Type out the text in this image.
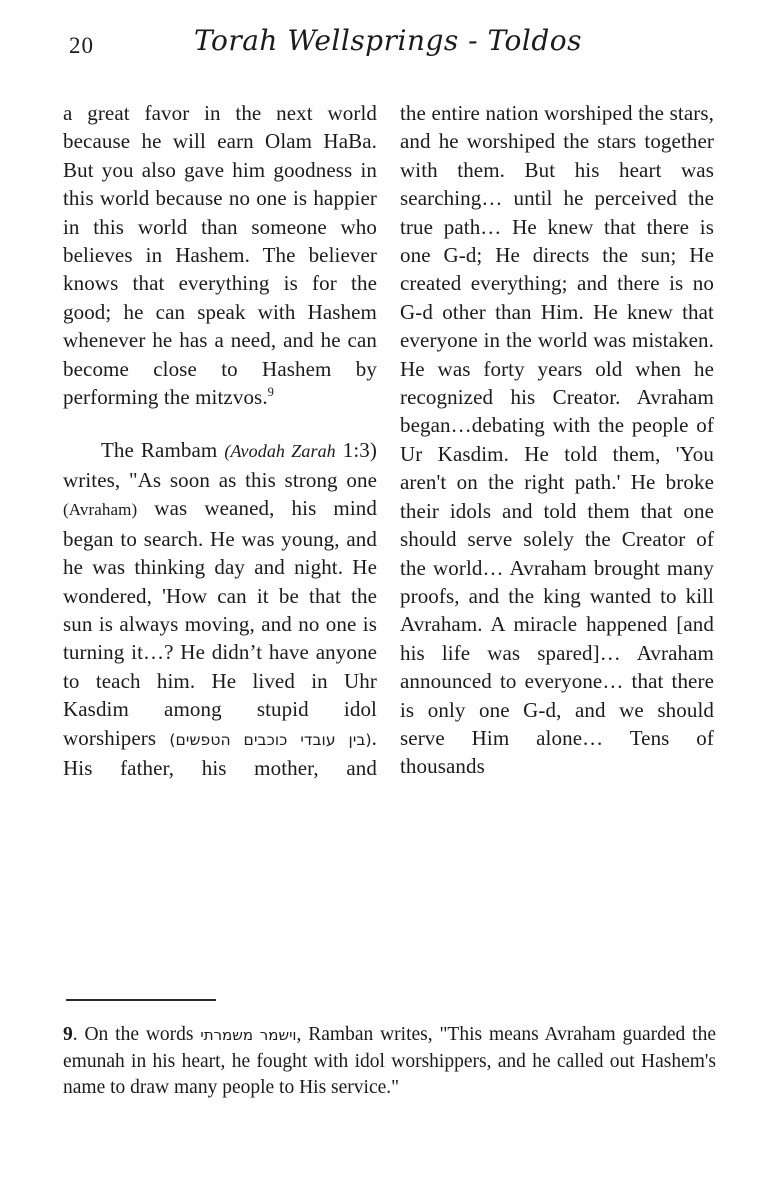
20	Torah Wellsprings - Toldos

a great favor in the next world because he will earn Olam HaBa. But you also gave him goodness in this world because no one is happier in this world than someone who believes in Hashem. The believer knows that everything is for the good; he can speak with Hashem whenever he has a need, and he can become close to Hashem by performing the mitzvos.$^9$

The Rambam (Avodah Zarah 1:3) writes, "As soon as this strong one (Avraham) was weaned, his mind began to search. He was young, and he was thinking day and night. He wondered, 'How can it be that the sun is always moving, and no one is turning it…? He didn’t have anyone to teach him. He lived in Uhr Kasdim among stupid idol worshipers (בין עובדי כוכבים הטפשים). His father, his mother, and

the entire nation worshiped the stars, and he worshiped the stars together with them. But his heart was searching… until he perceived the true path… He knew that there is one G-d; He directs the sun; He created everything; and there is no G-d other than Him. He knew that everyone in the world was mistaken. He was forty years old when he recognized his Creator. Avraham began…debating with the people of Ur Kasdim. He told them, 'You aren't on the right path.' He broke their idols and told them that one should serve solely the Creator of the world… Avraham brought many proofs, and the king wanted to kill Avraham. A miracle happened [and his life was spared]… Avraham announced to everyone… that there is only one G-d, and we should serve Him alone… Tens of thousands

9. On the words וישמר משמרתי, Ramban writes, "This means Avraham guarded the emunah in his heart, he fought with idol worshippers, and he called out Hashem's name to draw many people to His service."
